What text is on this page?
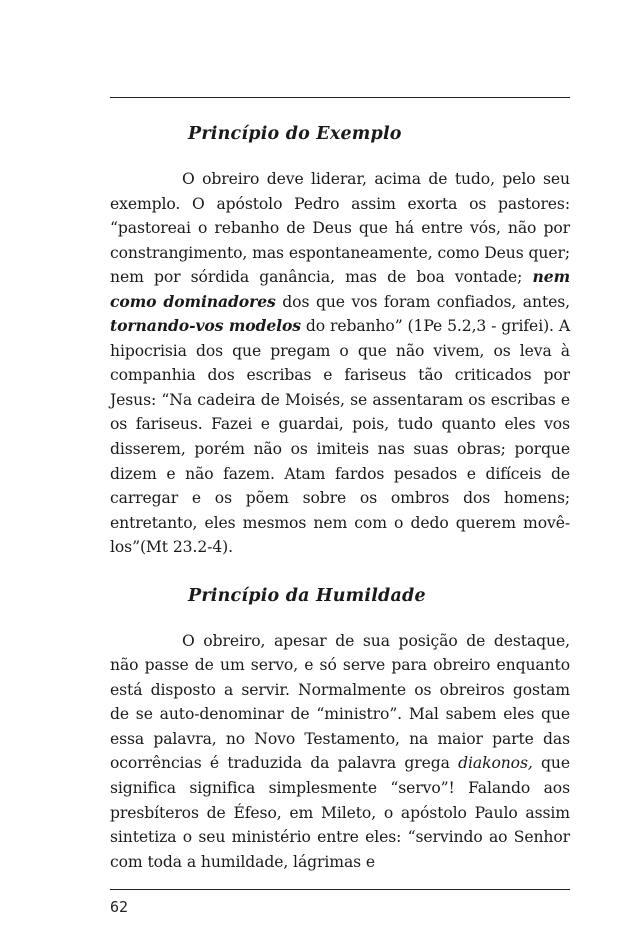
Princípio do Exemplo

O obreiro deve liderar, acima de tudo, pelo seu exemplo. O apóstolo Pedro assim exorta os pastores: “pastoreai o rebanho de Deus que há entre vós, não por constrangimento, mas espontaneamente, como Deus quer; nem por sórdida ganância, mas de boa vontade; nem como dominadores dos que vos foram confiados, antes, tornando-vos modelos do rebanho” (1Pe 5.2,3 - grifei). A hipocrisia dos que pregam o que não vivem, os leva à companhia dos escribas e fariseus tão criticados por Jesus: “Na cadeira de Moisés, se assentaram os escribas e os fariseus. Fazei e guardai, pois, tudo quanto eles vos disserem, porém não os imiteis nas suas obras; porque dizem e não fazem. Atam fardos pesados e difíceis de carregar e os põem sobre os ombros dos homens; entretanto, eles mesmos nem com o dedo querem movê-los”(Mt 23.2-4).

Princípio da Humildade

O obreiro, apesar de sua posição de destaque, não passe de um servo, e só serve para obreiro enquanto está disposto a servir. Normalmente os obreiros gostam de se auto-denominar de “ministro”. Mal sabem eles que essa palavra, no Novo Testamento, na maior parte das ocorrências é traduzida da palavra grega diakonos, que significa significa simplesmente “servo”! Falando aos presbíteros de Éfeso, em Mileto, o apóstolo Paulo assim sintetiza o seu ministério entre eles: “servindo ao Senhor com toda a humildade, lágrimas e

62
